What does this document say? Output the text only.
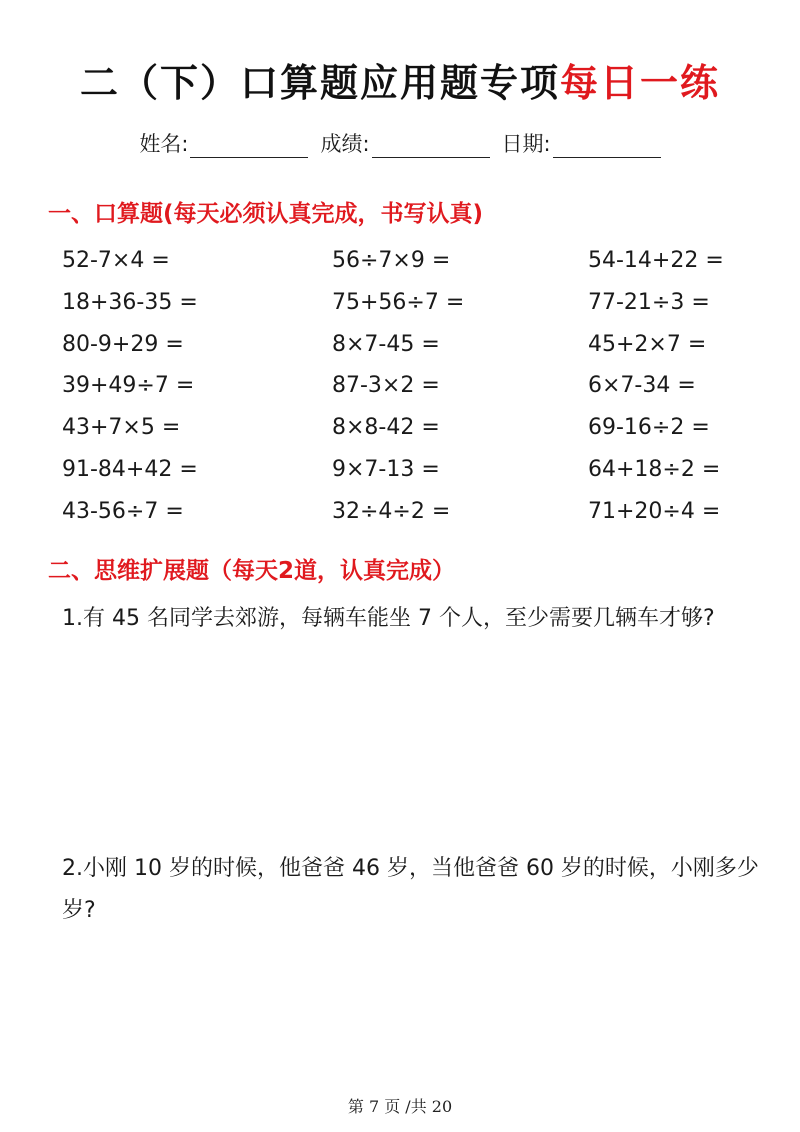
二（下）口算题应用题专项每日一练
姓名:	成绩:	日期:
一、口算题(每天必须认真完成，书写认真)
52-7×4 =	56÷7×9 =	54-14+22 =
18+36-35 =	75+56÷7 =	77-21÷3 =
80-9+29 =	8×7-45 =	45+2×7 =
39+49÷7 =	87-3×2 =	6×7-34 =
43+7×5 =	8×8-42 =	69-16÷2 =
91-84+42 =	9×7-13 =	64+18÷2 =
43-56÷7 =	32÷4÷2 =	71+20÷4 =
二、思维扩展题（每天2道，认真完成）
1.有 45 名同学去郊游，每辆车能坐 7 个人，至少需要几辆车才够?
2.小刚 10 岁的时候，他爸爸 46 岁，当他爸爸 60 岁的时候，小刚多少岁?
第 7 页 /共 20
